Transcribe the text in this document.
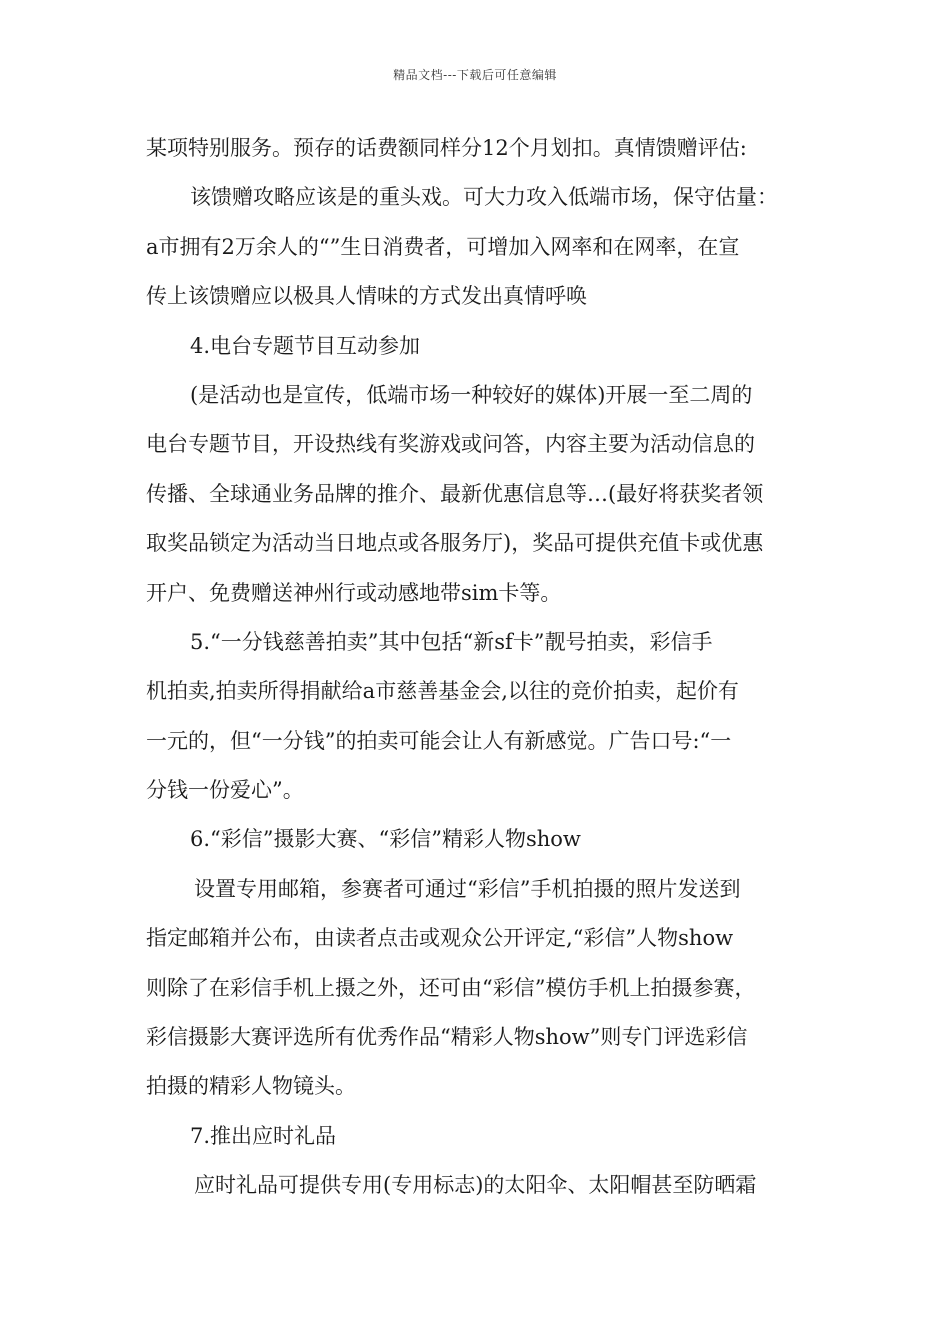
精品文档---下载后可任意编辑
某项特别服务。预存的话费额同样分12个月划扣。真情馈赠评估:
该馈赠攻略应该是的重头戏。可大力攻入低端市场，保守估量：
a市拥有2万余人的“”生日消费者，可增加入网率和在网率，在宣
传上该馈赠应以极具人情味的方式发出真情呼唤
4.电台专题节目互动参加
(是活动也是宣传，低端市场一种较好的媒体)开展一至二周的
电台专题节目，开设热线有奖游戏或问答，内容主要为活动信息的
传播、全球通业务品牌的推介、最新优惠信息等…(最好将获奖者领
取奖品锁定为活动当日地点或各服务厅)，奖品可提供充值卡或优惠
开户、免费赠送神州行或动感地带sim卡等。
5.“一分钱慈善拍卖”其中包括“新sf卡”靓号拍卖，彩信手
机拍卖,拍卖所得捐献给a市慈善基金会,以往的竞价拍卖，起价有
一元的，但“一分钱”的拍卖可能会让人有新感觉。广告口号:“一
分钱一份爱心”。
6.“彩信”摄影大赛、“彩信”精彩人物show
设置专用邮箱，参赛者可通过“彩信”手机拍摄的照片发送到
指定邮箱并公布，由读者点击或观众公开评定,“彩信”人物show
则除了在彩信手机上摄之外，还可由“彩信”模仿手机上拍摄参赛，
彩信摄影大赛评选所有优秀作品“精彩人物show”则专门评选彩信
拍摄的精彩人物镜头。
7.推出应时礼品
应时礼品可提供专用(专用标志)的太阳伞、太阳帽甚至防晒霜
